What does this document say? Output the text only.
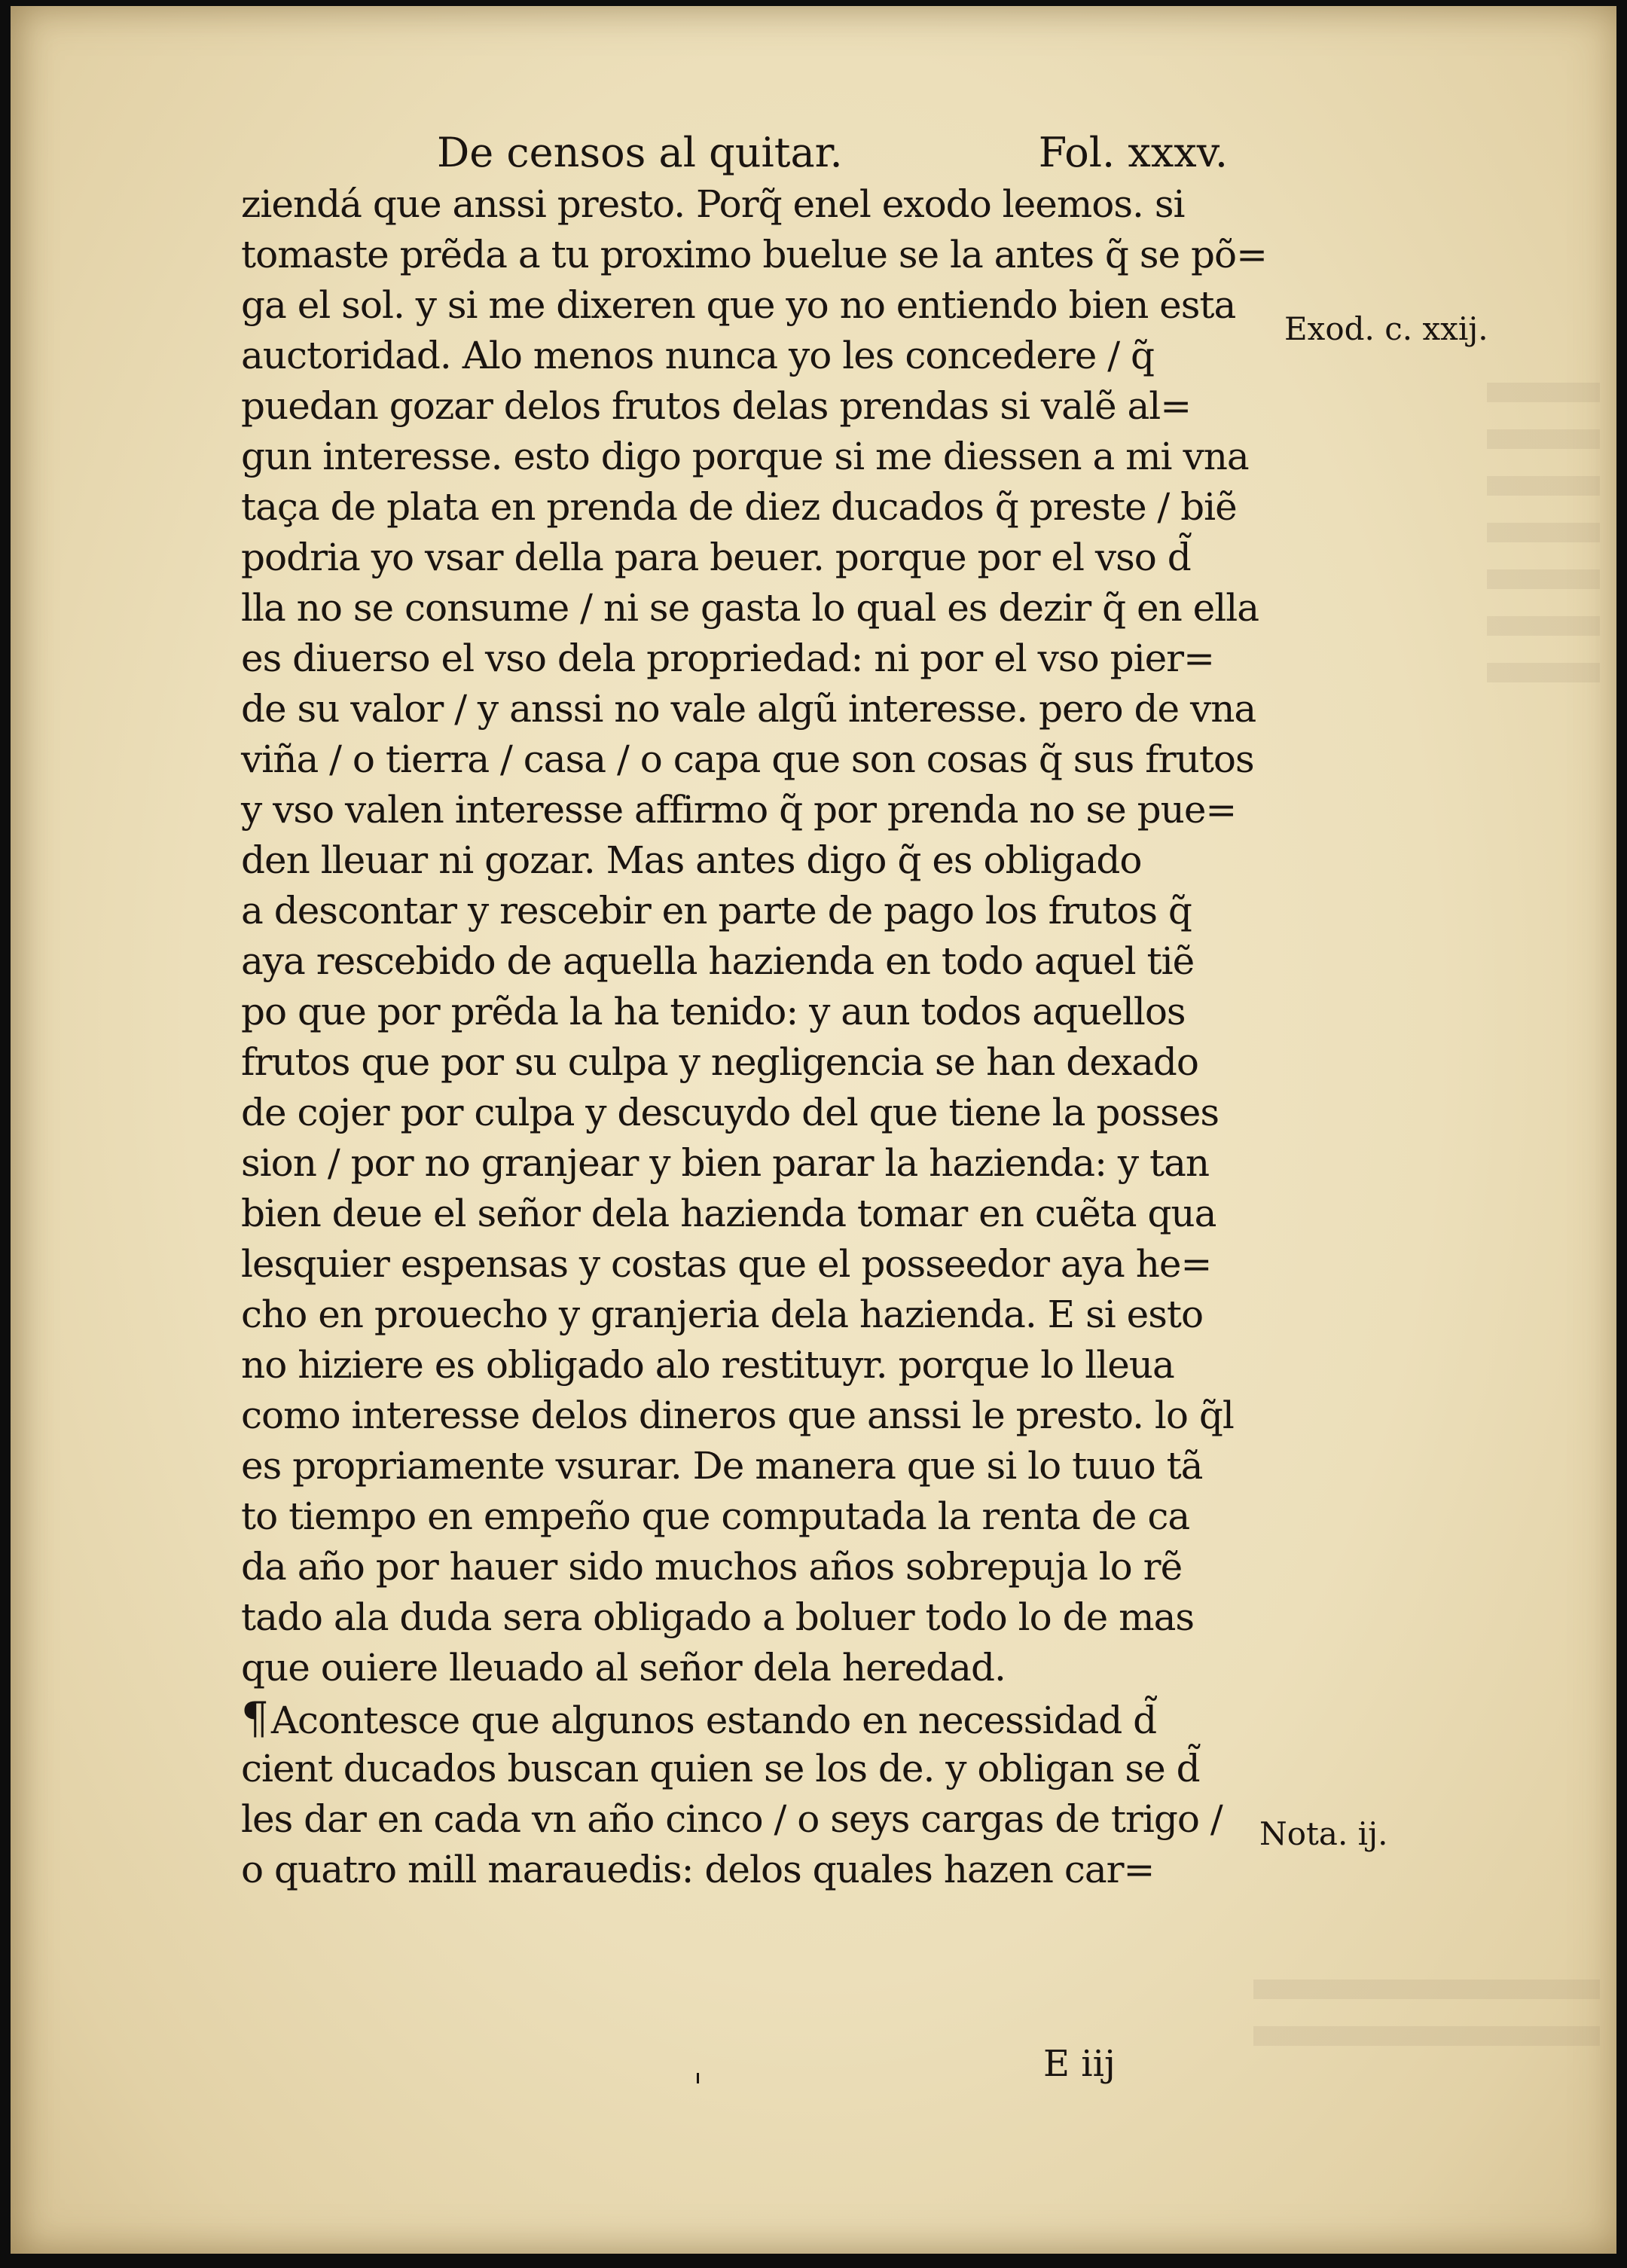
De censos al quitar.	Fol. xxxv.
ziendá que anssi presto. Porq̃ enel exodo leemos. si
tomaste prẽda a tu proximo buelue se la antes q̃ se põ=
ga el sol. y si me dixeren que yo no entiendo bien esta
auctoridad. Alo menos nunca yo les concedere / q̃
puedan gozar delos frutos delas prendas si valẽ al=
gun interesse. esto digo porque si me diessen a mi vna
taça de plata en prenda de diez ducados q̃ preste / biẽ
podria yo vsar della para beuer. porque por el vso d̃
lla no se consume / ni se gasta lo qual es dezir q̃ en ella
es diuerso el vso dela propriedad: ni por el vso pier=
de su valor / y anssi no vale algũ interesse. pero de vna
viña / o tierra / casa / o capa que son cosas q̃ sus frutos
y vso valen interesse affirmo q̃ por prenda no se pue=
den lleuar ni gozar. Mas antes digo q̃ es obligado
a descontar y rescebir en parte de pago los frutos q̃
aya rescebido de aquella hazienda en todo aquel tiẽ
po que por prẽda la ha tenido: y aun todos aquellos
frutos que por su culpa y negligencia se han dexado
de cojer por culpa y descuydo del que tiene la posses
sion / por no granjear y bien parar la hazienda: y tan
bien deue el señor dela hazienda tomar en cuẽta qua
lesquier espensas y costas que el posseedor aya he=
cho en prouecho y granjeria dela hazienda. E si esto
no hiziere es obligado alo restituyr. porque lo lleua
como interesse delos dineros que anssi le presto. lo q̃l
es propriamente vsurar. De manera que si lo tuuo tã
to tiempo en empeño que computada la renta de ca
da año por hauer sido muchos años sobrepuja lo rẽ
tado ala duda sera obligado a boluer todo lo de mas
que ouiere lleuado al señor dela heredad.
¶Acontesce que algunos estando en necessidad d̃
cient ducados buscan quien se los de. y obligan se d̃
les dar en cada vn año cinco / o seys cargas de trigo /
o quatro mill marauedis: delos quales hazen car=
Exod. c. xxij.
Nota. ij.
E iij
